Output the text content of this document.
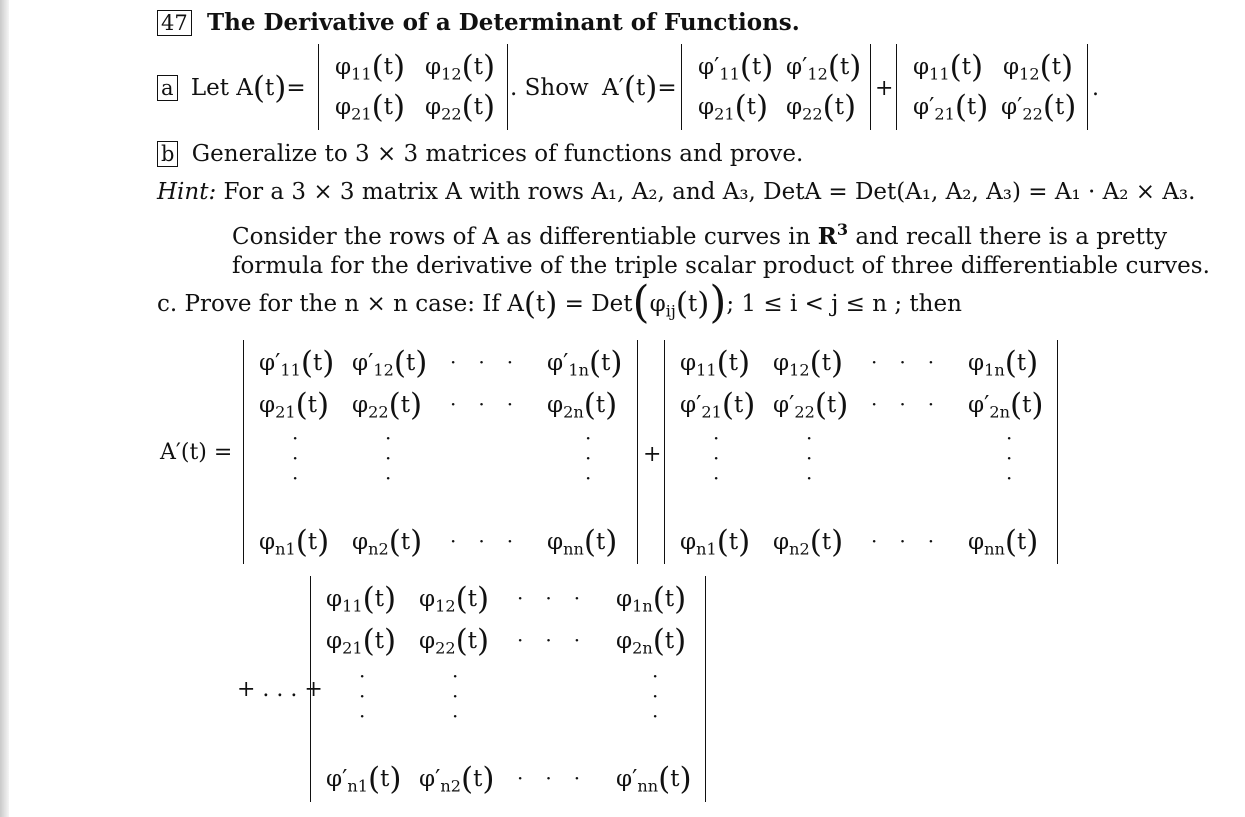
47 The Derivative of a Determinant of Functions.
a Let A(t)=
$\varphi_{11}(t)$ $\varphi_{12}(t)$
$\varphi_{21}(t)$ $\varphi_{22}(t)$
. Show A′(t)=
$\varphi'_{11}(t)$ $\varphi'_{12}(t)$
$\varphi_{21}(t)$ $\varphi_{22}(t)$
+
$\varphi_{11}(t)$ $\varphi_{12}(t)$
$\varphi'_{21}(t)$ $\varphi'_{22}(t)$
.
b Generalize to 3 × 3 matrices of functions and prove.
Hint: For a 3 × 3 matrix A with rows A₁, A₂, and A₃, DetA = Det(A₁, A₂, A₃) = A₁ · A₂ × A₃.
Consider the rows of A as differentiable curves in $R^3$ and recall there is a pretty
formula for the derivative of the triple scalar product of three differentiable curves.
c. Prove for the n × n case: If $A(t) = Det(\varphi_{ij}(t))$; 1 ≤ i < j ≤ n ; then
A′(t) =
$\varphi'_{11}(t)$ $\varphi'_{12}(t)$ ··· $\varphi'_{1n}(t)$
$\varphi_{21}(t)$ $\varphi_{22}(t)$ ··· $\varphi_{2n}(t)$
·
·
·
·
·
·
·
·
·
$\varphi_{n1}(t)$ $\varphi_{n2}(t)$ ··· $\varphi_{nn}(t)$
+
$\varphi_{11}(t)$ $\varphi_{12}(t)$ ··· $\varphi_{1n}(t)$
$\varphi'_{21}(t)$ $\varphi'_{22}(t)$ ··· $\varphi'_{2n}(t)$
·
·
·
·
·
·
·
·
·
$\varphi_{n1}(t)$ $\varphi_{n2}(t)$ ··· $\varphi_{nn}(t)$
+ . . . +
$\varphi_{11}(t)$ $\varphi_{12}(t)$ ··· $\varphi_{1n}(t)$
$\varphi_{21}(t)$ $\varphi_{22}(t)$ ··· $\varphi_{2n}(t)$
·
·
·
·
·
·
·
·
·
$\varphi'_{n1}(t)$ $\varphi'_{n2}(t)$ ··· $\varphi'_{nn}(t)$
